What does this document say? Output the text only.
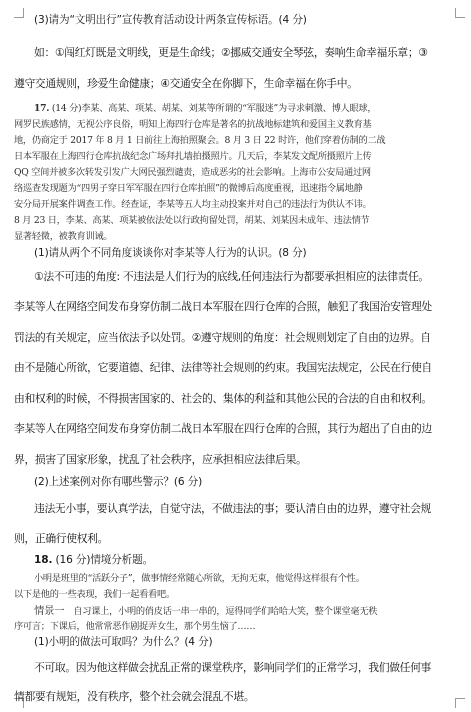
(3)请为“文明出行”宣传教育活动设计两条宣传标语。(4 分)
如：①闯红灯既是文明线，更是生命线；②挪威交通安全琴弦，奏响生命幸福乐章；③
遵守交通规则，珍爱生命健康；④交通安全在你脚下，生命幸福在你手中。
17. (14 分)李某、高某、项某、胡某、刘某等所谓的“军服迷”为寻求刺激、博人眼球，
网罗民族感情，无视公序良俗，明知上海四行仓库是著名的抗战地标建筑和爱国主义教育基
地，仍商定于 2017 年 8 月 1 日前往上海拍照聚会。8 月 3 日 22 时许，他们穿着仿制的二战
日本军服在上海四行仓库抗战纪念广场拜扎墙拍摄照片。几天后，李某发文配所摄照片上传
QQ 空间并被多次转发引发广大网民强烈谴责，造成恶劣的社会影响。上海市公安局通过网
络巡查发现题为“四男子穿日军军服在四行仓库拍照”的微博后高度重视，迅速指令属地静
安分局开展案件调查工作。经查证，李某等五人均主动投案并对自己的违法行为供认不讳。
8 月 23 日，李某、高某、项某被依法处以行政拘留处罚，胡某、刘某因未成年、违法情节
显著轻微，被教育训诫。
(1)请从两个不同角度谈谈你对李某等人行为的认识。(8 分)
①法不可违的角度: 不违法是人们行为的底线,任何违法行为都要承担相应的法律责任。
李某等人在网络空间发布身穿仿制二战日本军服在四行仓库的合照，触犯了我国治安管理处
罚法的有关规定，应当依法予以处罚。②遵守规则的角度：社会规则划定了自由的边界。自
由不是随心所欲，它要道德、纪律、法律等社会规则的约束。我国宪法规定，公民在行使自
由和权利的时候，不得损害国家的、社会的、集体的利益和其他公民的合法的自由和权利。
李某等人在网络空间发布身穿仿制二战日本军服在四行仓库的合照，其行为超出了自由的边
界，损害了国家形象，扰乱了社会秩序，应承担相应法律后果。
(2)上述案例对你有哪些警示？(6 分)
违法无小事，要认真学法，自觉守法，不做违法的事；要认清自由的边界，遵守社会规
则，正确行使权利。
18. (16 分)情境分析题。
小明是班里的“活跃分子”，做事情经常随心所欲，无拘无束，他觉得这样很有个性。
以下是他的一些表现，我们一起看看吧。
情景一　自习课上，小明的俏皮话一串一串的，逗得同学们哈哈大笑，整个课堂毫无秩
序可言；下课后，他常常恶作剧捉弄女生，那个男生恼了……
(1)小明的做法可取吗？为什么？(4 分)
不可取。因为他这样做会扰乱正常的课堂秩序，影响同学们的正常学习，我们做任何事
情都要有规矩，没有秩序，整个社会就会混乱不堪。
